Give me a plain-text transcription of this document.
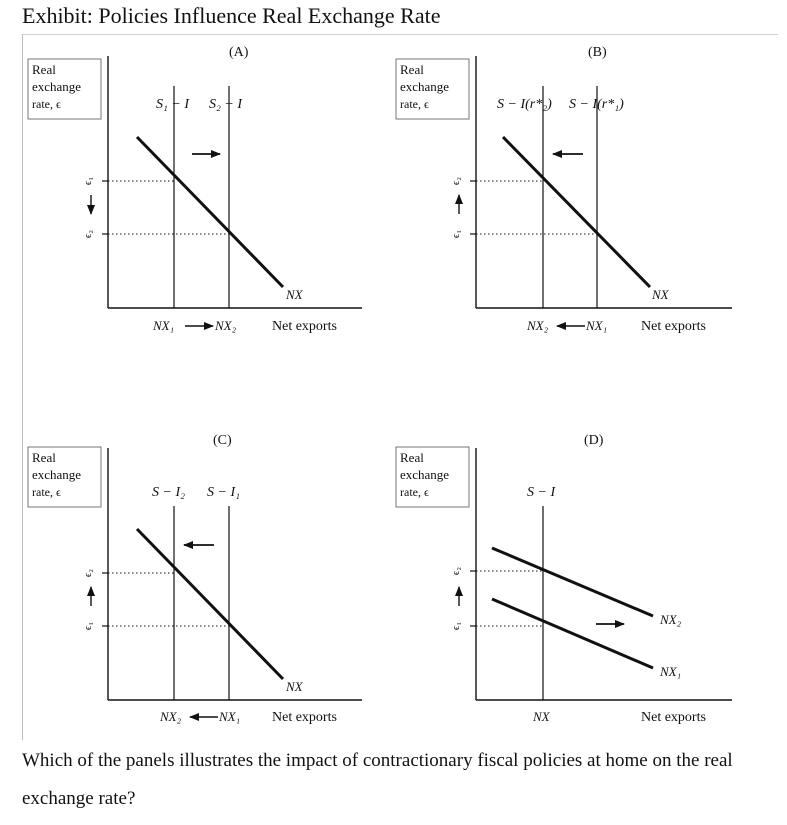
Exhibit: Policies Influence Real Exchange Rate
(A)
Real
exchange
rate, ϵ	S₁ − I S₂ − I
NX
ϵ₁
ϵ₂
NX₁	NX₂	Net exports
(B)
Real
exchange
rate, ϵ	S − I(r*₂) S − I(r*₁)
NX
ϵ₂
ϵ₁
NX₂	NX₁ Net exports
(C)
Real
exchange
rate, ϵ	S − I₂ S − I₁
NX
ϵ₂
ϵ₁
NX₂	NX₁ Net exports
(D)
Real
exchange
rate, ϵ	S − I
NX₂
NX₁
ϵ₂
ϵ₁
NX	Net exports
Which of the panels illustrates the impact of contractionary fiscal policies at home on the real exchange rate?
